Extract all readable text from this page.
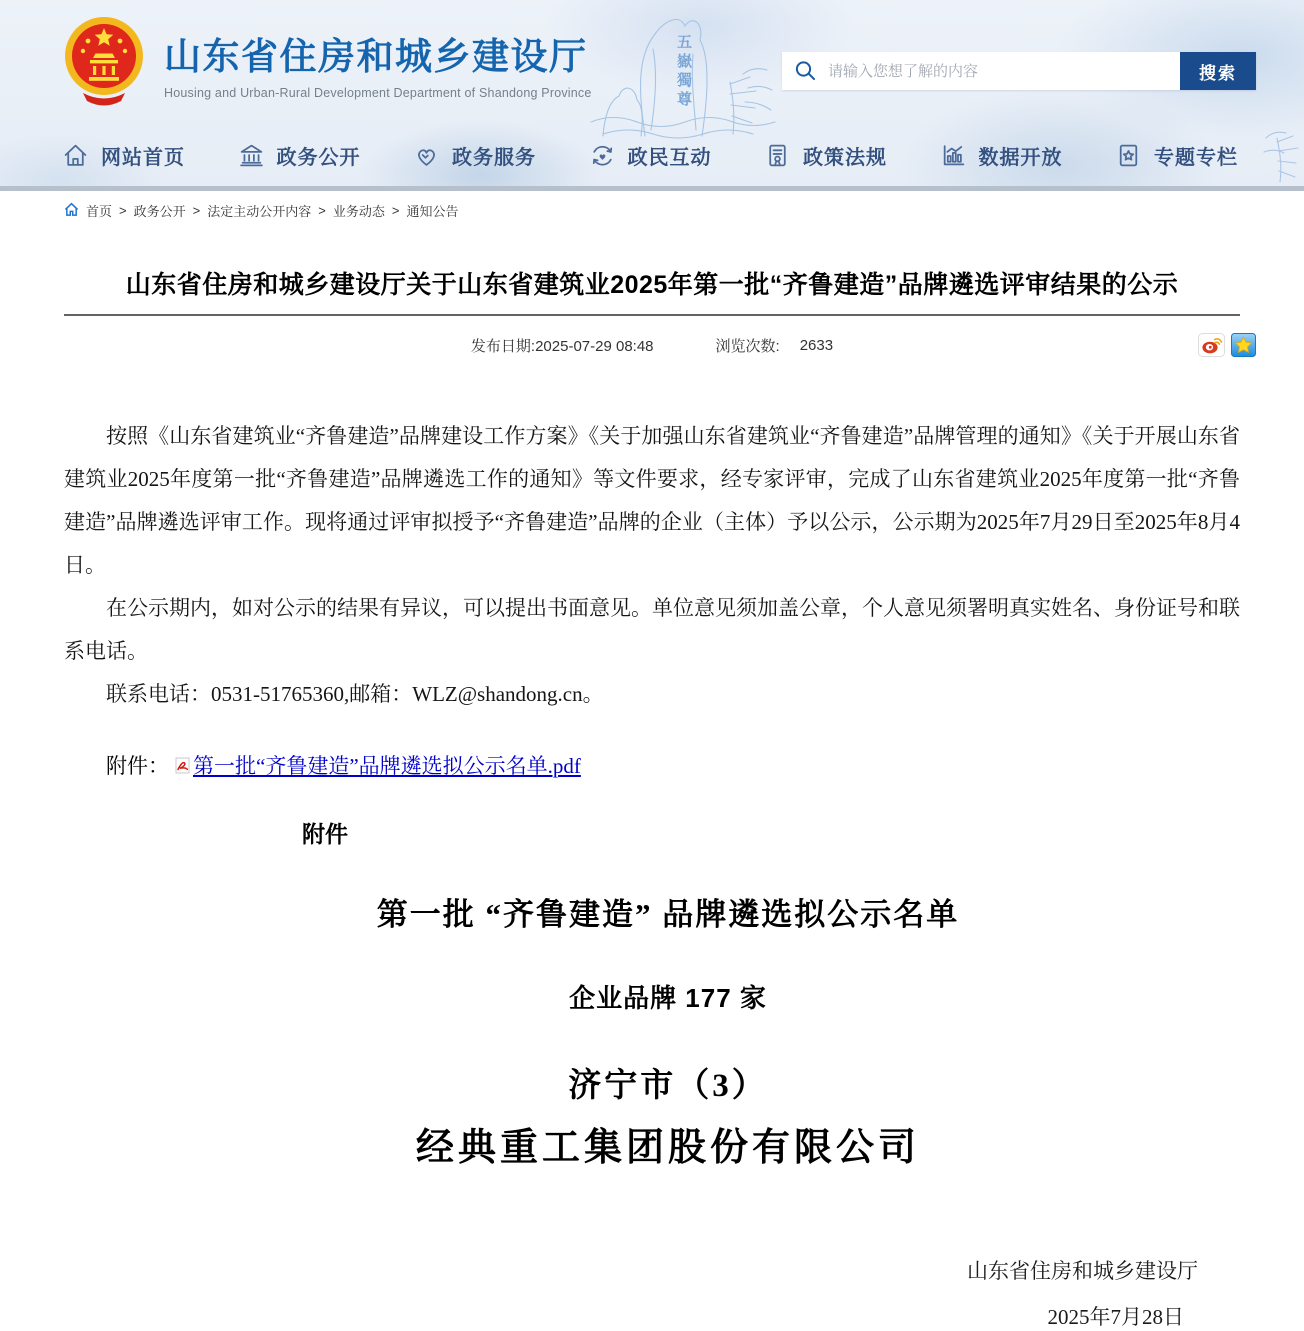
山东省住房和城乡建设厅
Housing and Urban-Rural Development Department of Shandong Province	五嶽獨尊
请输入您想了解的内容	搜索
网站首页	政务公开	政务服务	政民互动	政策法规	数据开放	专题专栏
首页 > 政务公开 > 法定主动公开内容 > 业务动态 > 通知公告
山东省住房和城乡建设厅关于山东省建筑业2025年第一批“齐鲁建造”品牌遴选评审结果的公示
发布日期:2025-07-29 08:48	浏览次数: 2633

按照《山东省建筑业“齐鲁建造”品牌建设工作方案》《关于加强山东省建筑业“齐鲁建造”品牌管理的通知》《关于开展山东省建筑业2025年度第一批“齐鲁建造”品牌遴选工作的通知》等文件要求，经专家评审，完成了山东省建筑业2025年度第一批“齐鲁建造”品牌遴选评审工作。现将通过评审拟授予“齐鲁建造”品牌的企业（主体）予以公示，公示期为2025年7月29日至2025年8月4日。

在公示期内，如对公示的结果有异议，可以提出书面意见。单位意见须加盖公章，个人意见须署明真实姓名、身份证号和联系电话。

联系电话：0531-51765360,邮箱：WLZ@shandong.cn。

附件： 第一批“齐鲁建造”品牌遴选拟公示名单.pdf
附件
第一批 “齐鲁建造” 品牌遴选拟公示名单
企业品牌 177 家
济宁市（3）
经典重工集团股份有限公司
山东省住房和城乡建设厅
2025年7月28日
